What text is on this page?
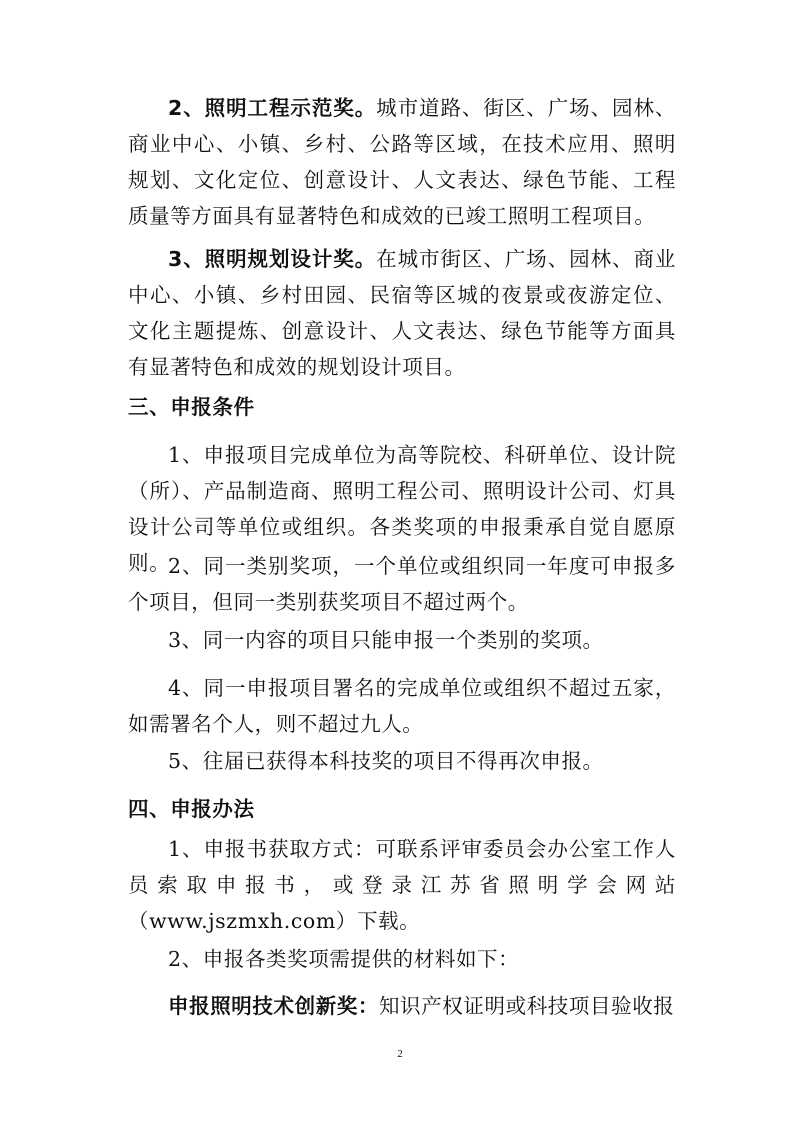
2、照明工程示范奖。城市道路、街区、广场、园林、商业中心、小镇、乡村、公路等区域，在技术应用、照明规划、文化定位、创意设计、人文表达、绿色节能、工程质量等方面具有显著特色和成效的已竣工照明工程项目。

3、照明规划设计奖。在城市街区、广场、园林、商业中心、小镇、乡村田园、民宿等区城的夜景或夜游定位、文化主题提炼、创意设计、人文表达、绿色节能等方面具有显著特色和成效的规划设计项目。

三、申报条件

1、申报项目完成单位为高等院校、科研单位、设计院（所）、产品制造商、照明工程公司、照明设计公司、灯具设计公司等单位或组织。各类奖项的申报秉承自觉自愿原则。

2、同一类别奖项，一个单位或组织同一年度可申报多个项目，但同一类别获奖项目不超过两个。

3、同一内容的项目只能申报一个类别的奖项。

4、同一申报项目署名的完成单位或组织不超过五家，如需署名个人，则不超过九人。

5、往届已获得本科技奖的项目不得再次申报。

四、申报办法

1、申报书获取方式：可联系评审委员会办公室工作人员索取申报书，或登录江苏省照明学会网站（www.jszmxh.com）下载。

2、申报各类奖项需提供的材料如下：

申报照明技术创新奖：知识产权证明或科技项目验收报

2
